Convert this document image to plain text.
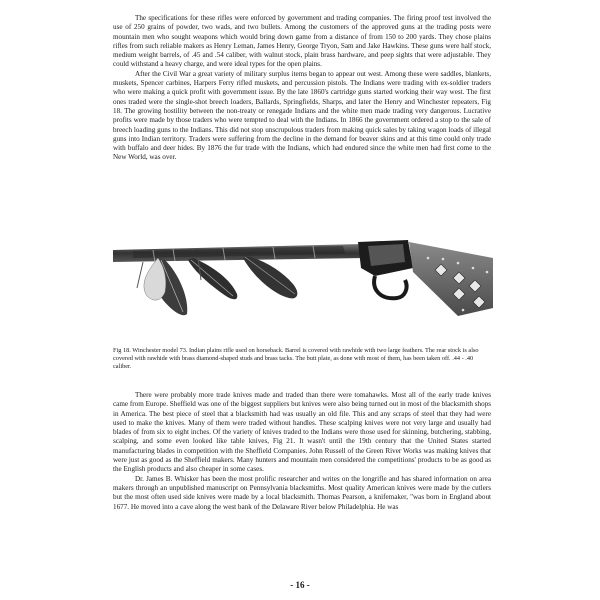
The specifications for these rifles were enforced by government and trading companies. The firing proof test involved the use of 250 grains of powder, two wads, and two bullets. Among the customers of the approved guns at the trading posts were mountain men who sought weapons which would bring down game from a distance of from 150 to 200 yards. They chose plains rifles from such reliable makers as Henry Leman, James Henry, George Tryon, Sam and Jake Hawkins. These guns were half stock, medium weight barrels, of .45 and .54 caliber, with walnut stock, plain brass hardware, and peep sights that were adjustable. They could withstand a heavy charge, and were ideal types for the open plains.

After the Civil War a great variety of military surplus items began to appear out west. Among these were saddles, blankets, muskets, Spencer carbines, Harpers Ferry rifled muskets, and percussion pistols. The Indians were trading with ex-soldier traders who were making a quick profit with government issue. By the late 1860's cartridge guns started working their way west. The first ones traded were the single-shot breech loaders, Ballards, Springfields, Sharps, and later the Henry and Winchester repeaters, Fig 18. The growing hostility between the non-treaty or renegade Indians and the white men made trading very dangerous. Lucrative profits were made by those traders who were tempted to deal with the Indians. In 1866 the government ordered a stop to the sale of breech loading guns to the Indians. This did not stop unscrupulous traders from making quick sales by taking wagon loads of illegal guns into Indian territory. Traders were suffering from the decline in the demand for beaver skins and at this time could only trade with buffalo and deer hides. By 1876 the fur trade with the Indians, which had endured since the white men had first come to the New World, was over.

Fig 18. Winchester model 73. Indian plains rifle used on horseback. Barrel is covered with rawhide with two large feathers. The rear stock is also covered with rawhide with brass diamond-shaped studs and brass tacks. The butt plate, as done with most of them, has been taken off. .44 - .40 caliber.

There were probably more trade knives made and traded than there were tomahawks. Most all of the early trade knives came from Europe. Sheffield was one of the biggest suppliers but knives were also being turned out in most of the blacksmith shops in America. The best piece of steel that a blacksmith had was usually an old file. This and any scraps of steel that they had were used to make the knives. Many of them were traded without handles. These scalping knives were not very large and usually had blades of from six to eight inches. Of the variety of knives traded to the Indians were those used for skinning, butchering, stabbing, scalping, and some even looked like table knives, Fig 21. It wasn't until the 19th century that the United States started manufacturing blades in competition with the Sheffield Companies. John Russell of the Green River Works was making knives that were just as good as the Sheffield makers. Many hunters and mountain men considered the competitions' products to be as good as the English products and also cheaper in some cases.

Dr. James B. Whisker has been the most prolific researcher and writes on the longrifle and has shared information on area makers through an unpublished manuscript on Pennsylvania blacksmiths. Most quality American knives were made by the cutlers but the most often used side knives were made by a local blacksmith. Thomas Pearson, a knifemaker, "was born in England about 1677. He moved into a cave along the west bank of the Delaware River below Philadelphia. He was

- 16 -
